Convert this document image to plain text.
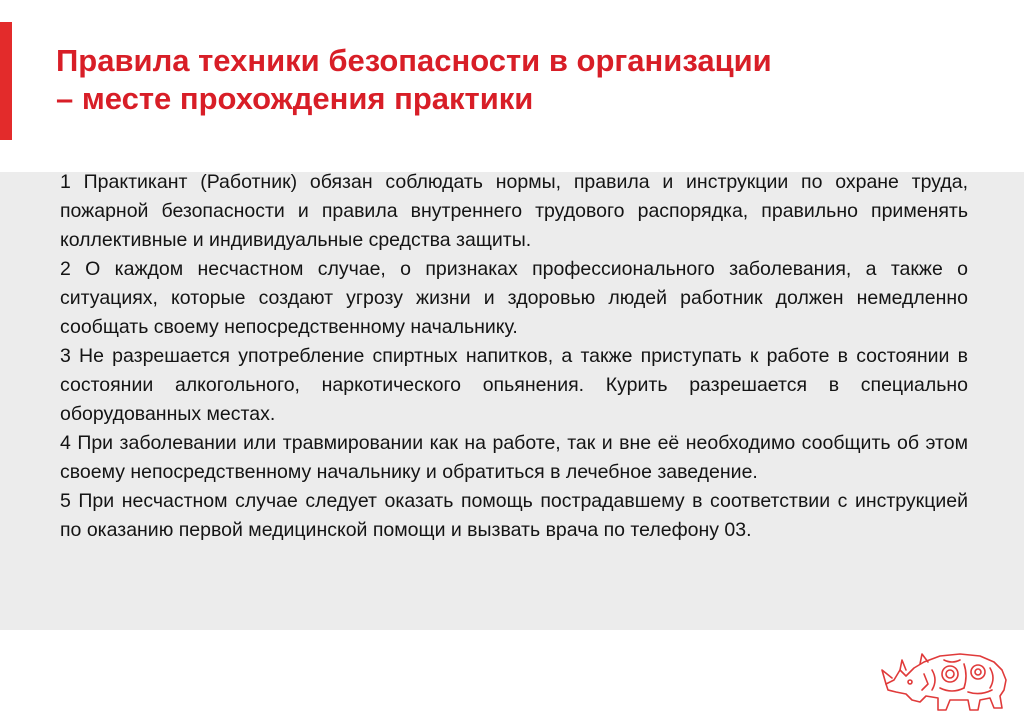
Правила техники безопасности в организации
– месте прохождения практики

1 Практикант (Работник) обязан соблюдать нормы, правила и инструкции по охране труда, пожарной безопасности и правила внутреннего трудового распорядка, правильно применять коллективные и индивидуальные средства защиты.

2 О каждом несчастном случае, о признаках профессионального заболевания, а также о ситуациях, которые создают угрозу жизни и здоровью людей работник должен немедленно сообщать своему непосредственному начальнику.

3 Не разрешается употребление спиртных напитков, а также приступать к работе в состоянии в состоянии алкогольного, наркотического опьянения. Курить разрешается в специально оборудованных местах.

4 При заболевании или травмировании как на работе, так и вне её необходимо сообщить об этом своему непосредственному начальнику и обратиться в лечебное заведение.

5 При несчастном случае следует оказать помощь пострадавшему в соответствии с инструкцией по оказанию первой медицинской помощи и вызвать врача по телефону 03.
